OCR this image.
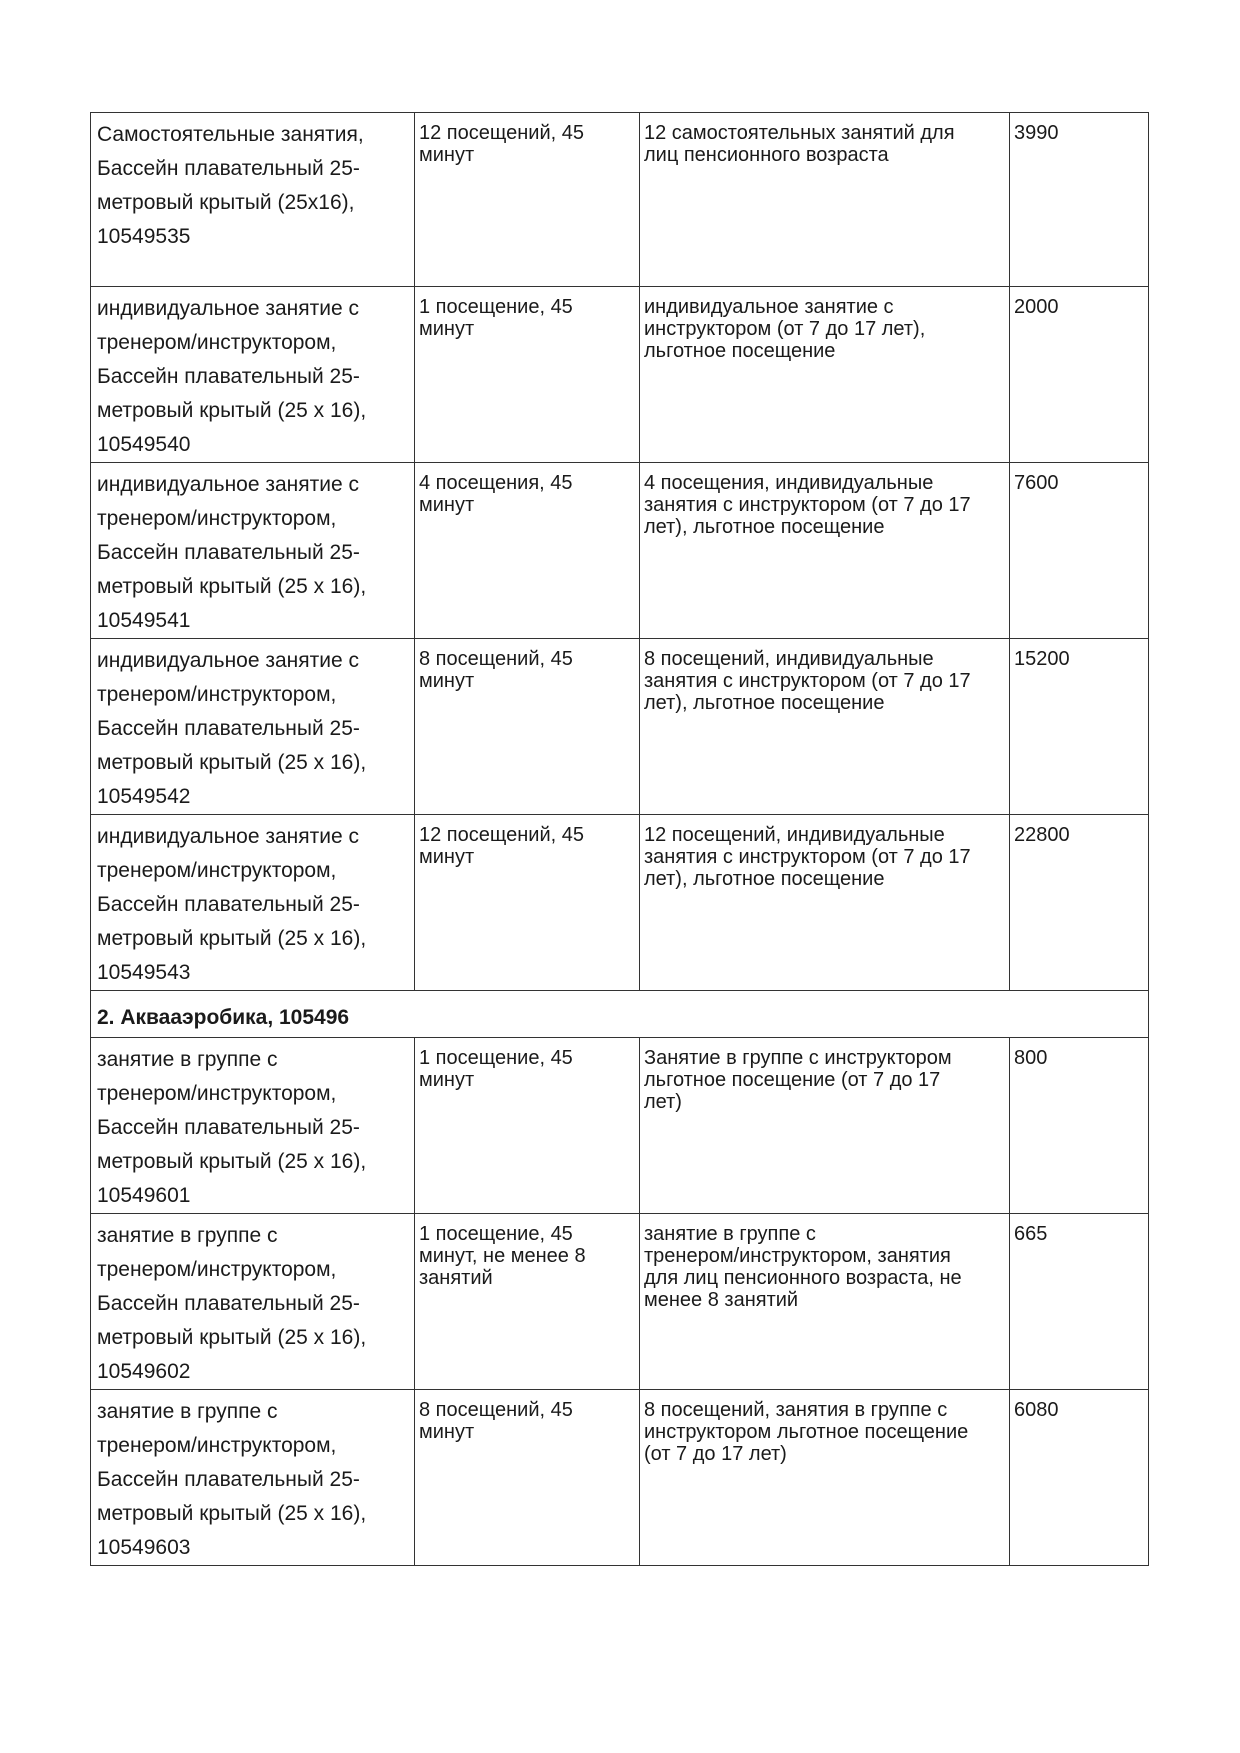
Самостоятельные занятия,
Бассейн плавательный 25-
метровый крытый (25х16),
10549535	12 посещений, 45
минут	12 самостоятельных занятий для
лиц пенсионного возраста	3990

индивидуальное занятие с
тренером/инструктором,
Бассейн плавательный 25-
метровый крытый (25 х 16),
10549540	1 посещение, 45
минут	индивидуальное занятие с
инструктором (от 7 до 17 лет),
льготное посещение	2000

индивидуальное занятие с
тренером/инструктором,
Бассейн плавательный 25-
метровый крытый (25 х 16),
10549541	4 посещения, 45
минут	4 посещения, индивидуальные
занятия с инструктором (от 7 до 17
лет), льготное посещение	7600

индивидуальное занятие с
тренером/инструктором,
Бассейн плавательный 25-
метровый крытый (25 х 16),
10549542	8 посещений, 45
минут	8 посещений, индивидуальные
занятия с инструктором (от 7 до 17
лет), льготное посещение	15200

индивидуальное занятие с
тренером/инструктором,
Бассейн плавательный 25-
метровый крытый (25 х 16),
10549543	12 посещений, 45
минут	12 посещений, индивидуальные
занятия с инструктором (от 7 до 17
лет), льготное посещение	22800
2. Аквааэробика, 105496			

занятие в группе с
тренером/инструктором,
Бассейн плавательный 25-
метровый крытый (25 х 16),
10549601	1 посещение, 45
минут	Занятие в группе с инструктором
льготное посещение (от 7 до 17
лет)	800

занятие в группе с
тренером/инструктором,
Бассейн плавательный 25-
метровый крытый (25 х 16),
10549602	1 посещение, 45
минут, не менее 8
занятий	занятие в группе с
тренером/инструктором, занятия
для лиц пенсионного возраста, не
менее 8 занятий	665

занятие в группе с
тренером/инструктором,
Бассейн плавательный 25-
метровый крытый (25 х 16),
10549603	8 посещений, 45
минут	8 посещений, занятия в группе с
инструктором льготное посещение
(от 7 до 17 лет)	6080
